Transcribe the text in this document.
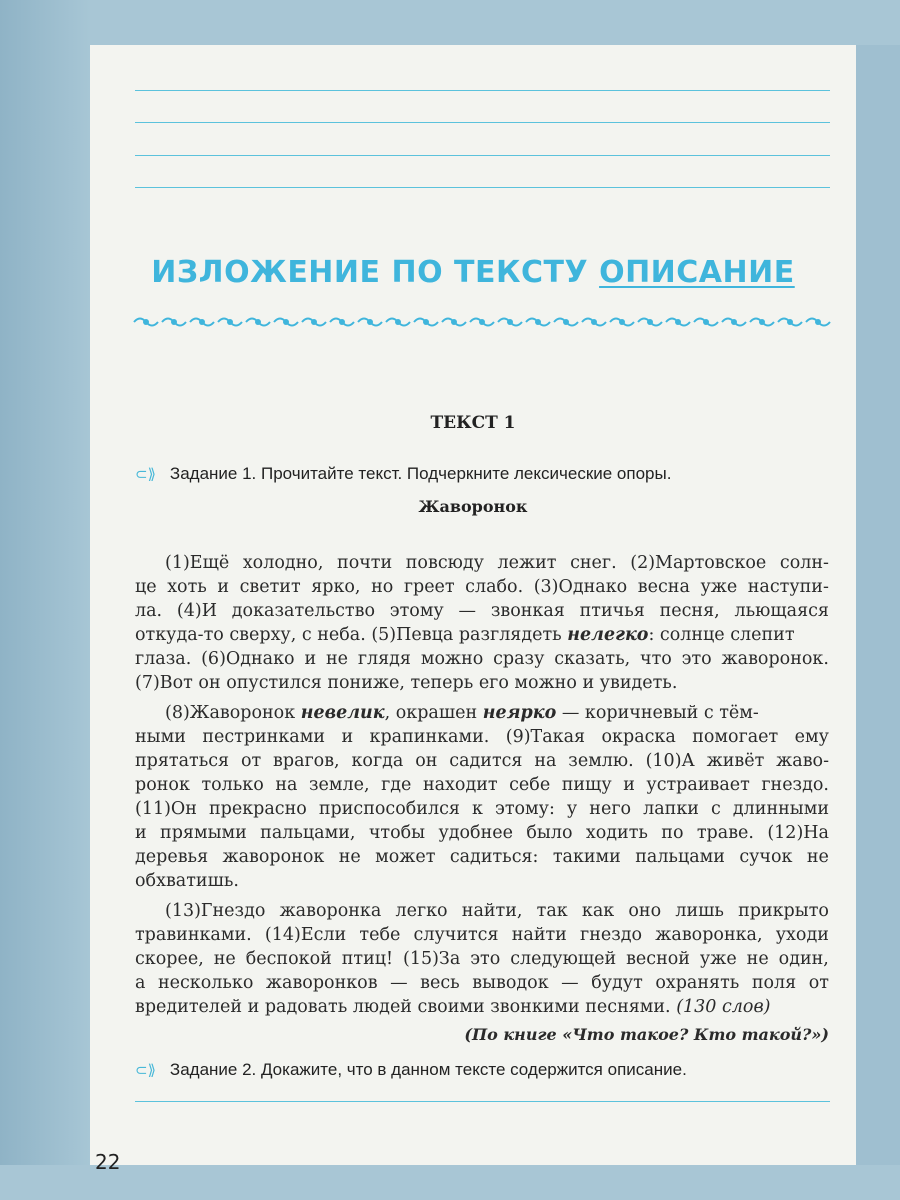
ИЗЛОЖЕНИЕ ПО ТЕКСТУ ОПИСАНИЕ
ТЕКСТ 1
⊂⟫ Задание 1. Прочитайте текст. Подчеркните лексические опоры.
Жаворонок
(1)Ещё холодно, почти повсюду лежит снег. (2)Мартовское солн-
це хоть и светит ярко, но греет слабо. (3)Однако весна уже наступи-
ла. (4)И доказательство этому — звонкая птичья песня, льющаяся
откуда-то сверху, с неба. (5)Певца разглядеть нелегко : солнце слепит
глаза. (6)Однако и не глядя можно сразу сказать, что это жаворонок.
(7)Вот он опустился пониже, теперь его можно и увидеть.
(8)Жаворонок невелик , окрашен неярко — коричневый с тём-
ными пестринками и крапинками. (9)Такая окраска помогает ему
прятаться от врагов, когда он садится на землю. (10)А живёт жаво-
ронок только на земле, где находит себе пищу и устраивает гнездо.
(11)Он прекрасно приспособился к этому: у него лапки с длинными
и прямыми пальцами, чтобы удобнее было ходить по траве. (12)На
деревья жаворонок не может садиться: такими пальцами сучок не
обхватишь.
(13)Гнездо жаворонка легко найти, так как оно лишь прикрыто
травинками. (14)Если тебе случится найти гнездо жаворонка, уходи
скорее, не беспокой птиц! (15)За это следующей весной уже не один,
а несколько жаворонков — весь выводок — будут охранять поля от
вредителей и радовать людей своими звонкими песнями. (130 слов)
(По книге «Что такое? Кто такой?»)
⊂⟫ Задание 2. Докажите, что в данном тексте содержится описание.
22
